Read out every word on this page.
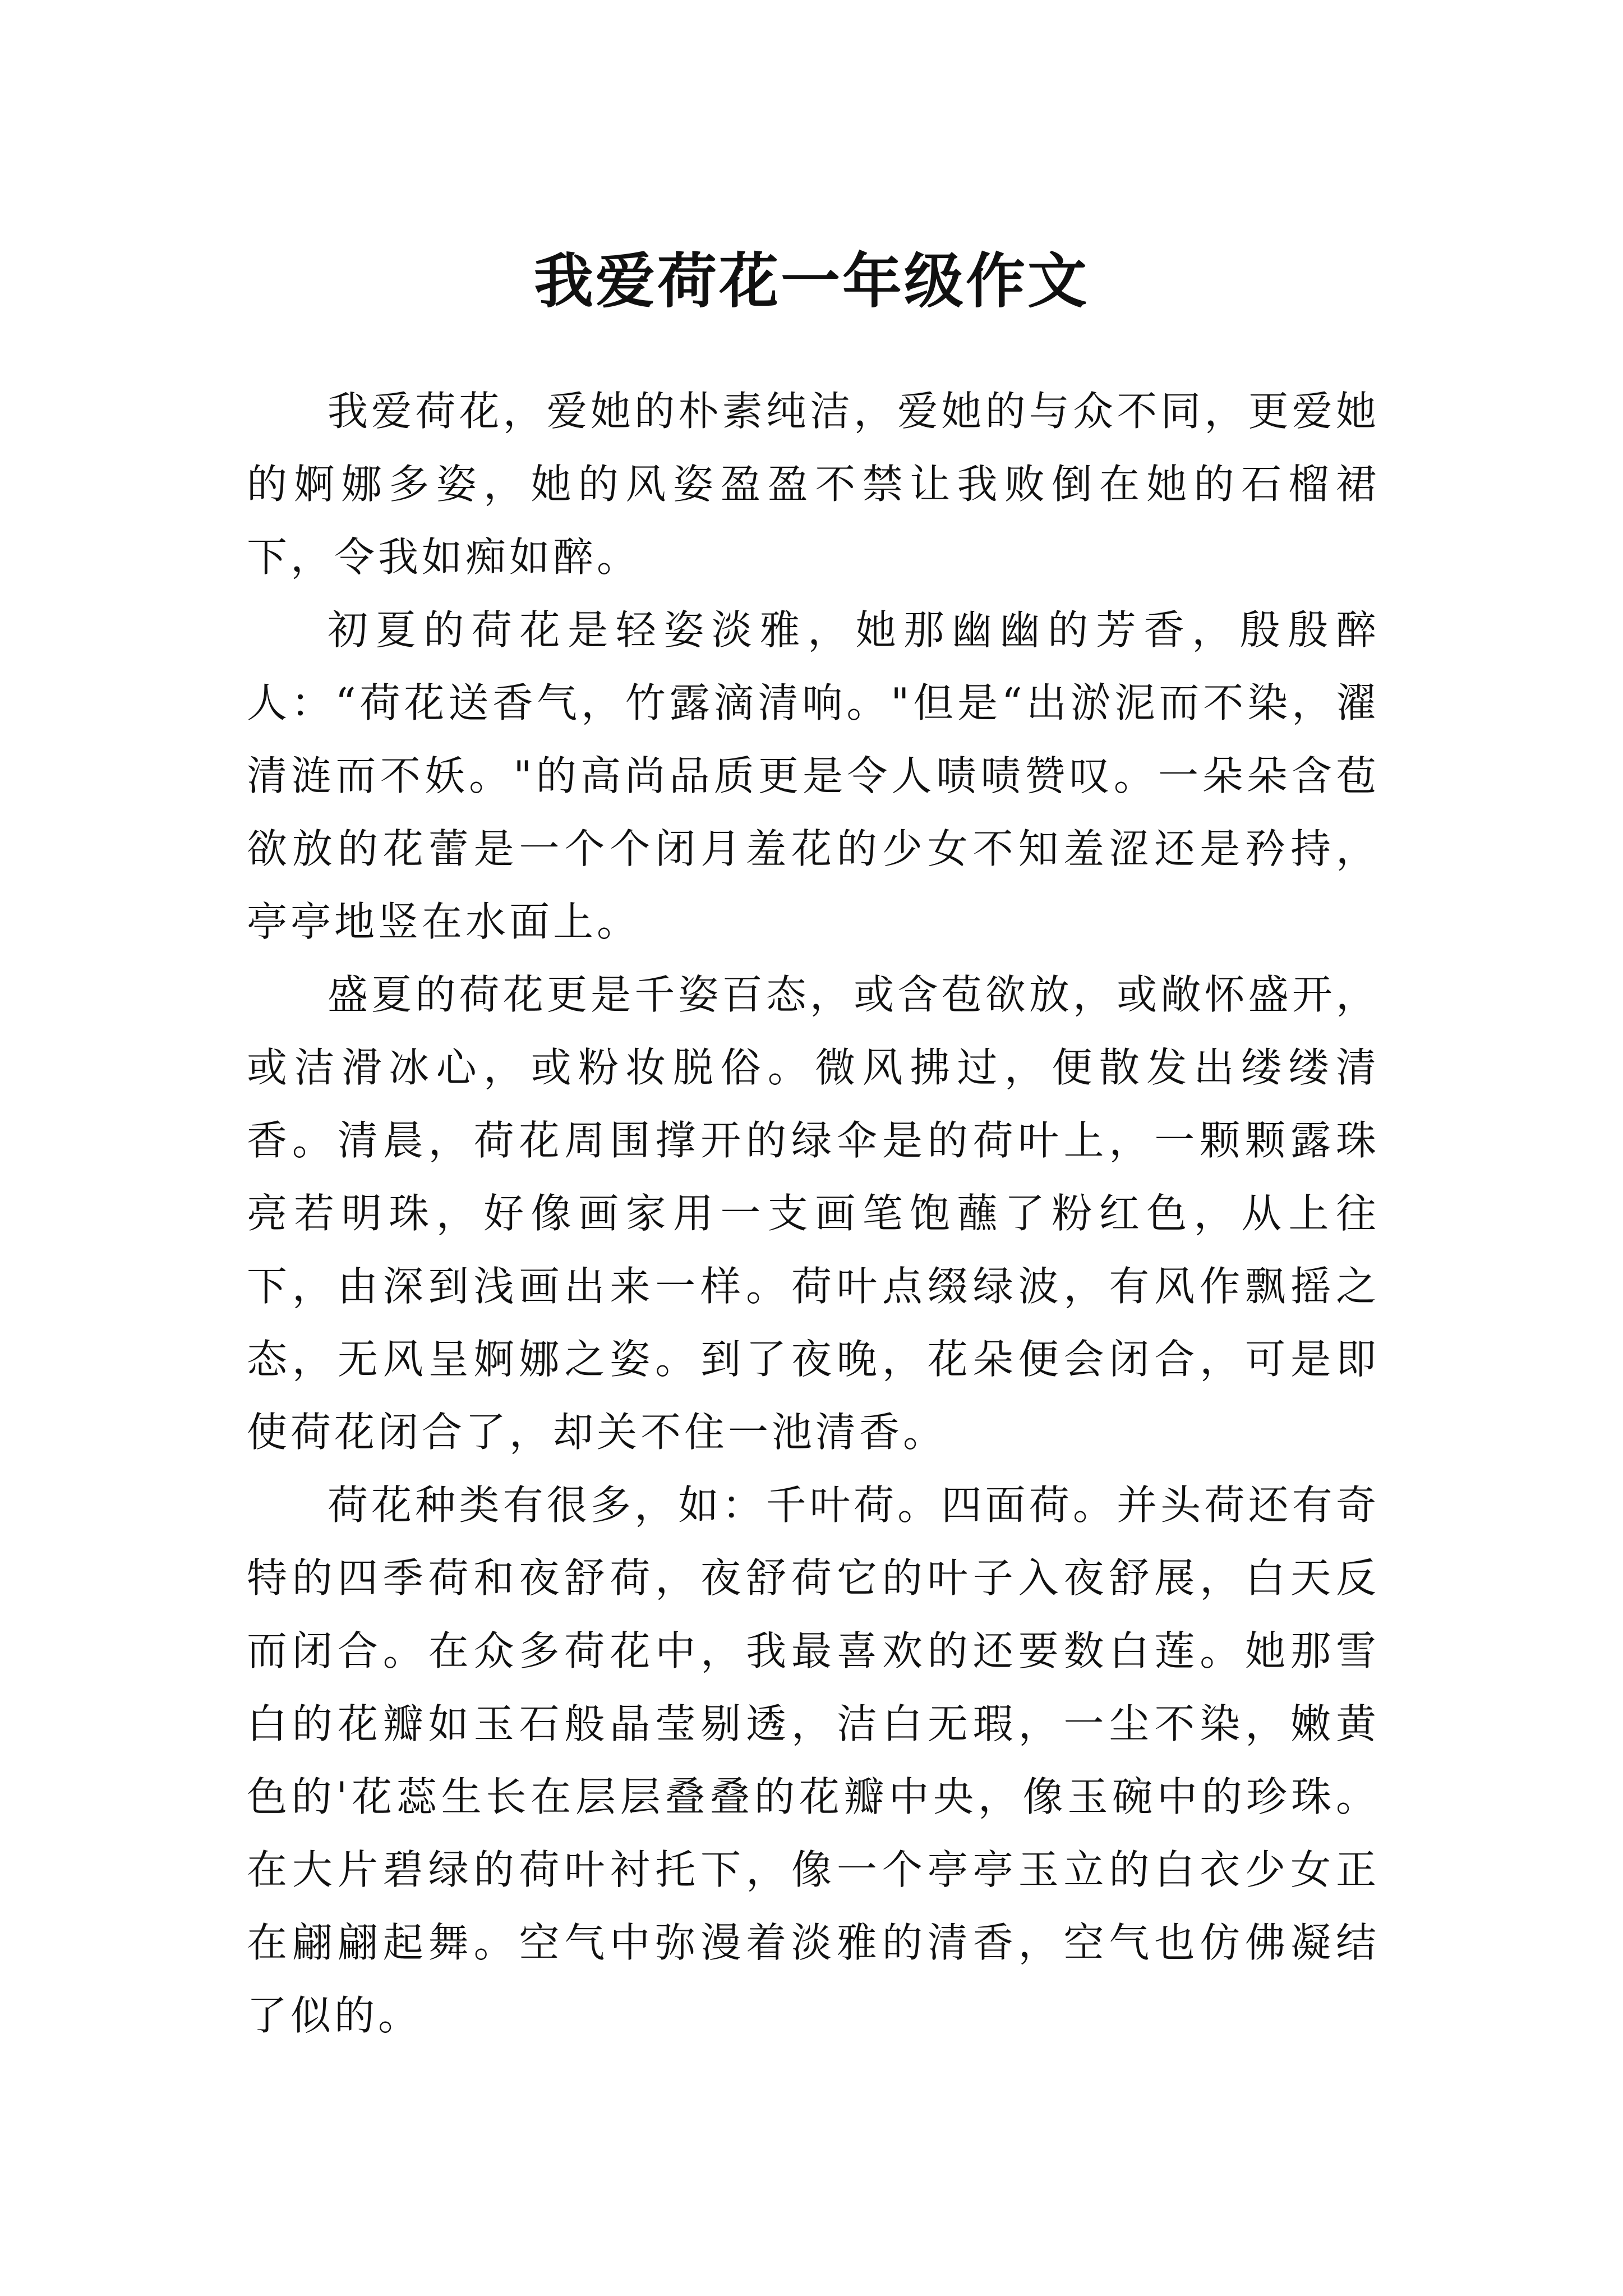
我爱荷花一年级作文

我爱荷花，爱她的朴素纯洁，爱她的与众不同，更爱她的婀娜多姿，她的风姿盈盈不禁让我败倒在她的石榴裙下，令我如痴如醉。

初夏的荷花是轻姿淡雅，她那幽幽的芳香，殷殷醉人：“荷花送香气，竹露滴清响。"但是“出淤泥而不染，濯清涟而不妖。"的高尚品质更是令人啧啧赞叹。一朵朵含苞欲放的花蕾是一个个闭月羞花的少女不知羞涩还是矜持，亭亭地竖在水面上。

盛夏的荷花更是千姿百态，或含苞欲放，或敞怀盛开，或洁滑冰心，或粉妆脱俗。微风拂过，便散发出缕缕清香。清晨，荷花周围撑开的绿伞是的荷叶上，一颗颗露珠亮若明珠，好像画家用一支画笔饱蘸了粉红色，从上往下，由深到浅画出来一样。荷叶点缀绿波，有风作飘摇之态，无风呈婀娜之姿。到了夜晚，花朵便会闭合，可是即使荷花闭合了，却关不住一池清香。

荷花种类有很多，如：千叶荷。四面荷。并头荷还有奇特的四季荷和夜舒荷，夜舒荷它的叶子入夜舒展，白天反而闭合。在众多荷花中，我最喜欢的还要数白莲。她那雪白的花瓣如玉石般晶莹剔透，洁白无瑕，一尘不染，嫩黄色的'花蕊生长在层层叠叠的花瓣中央，像玉碗中的珍珠。在大片碧绿的荷叶衬托下，像一个亭亭玉立的白衣少女正在翩翩起舞。空气中弥漫着淡雅的清香，空气也仿佛凝结了似的。
